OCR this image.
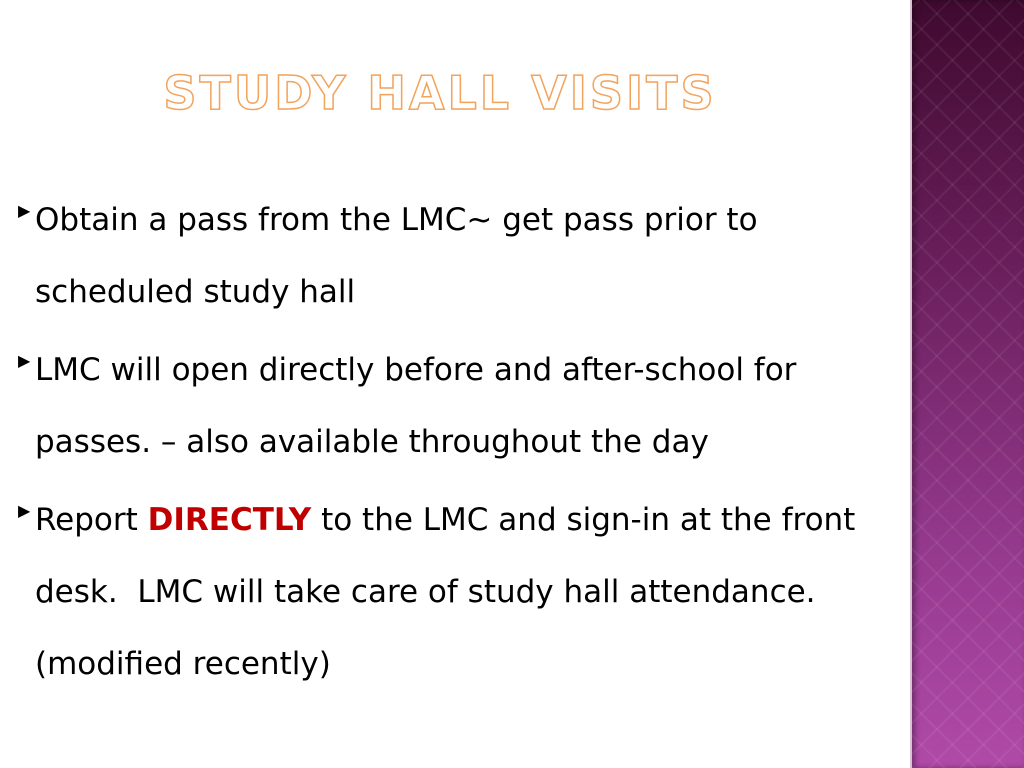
STUDY HALL VISITS
▶ Obtain a pass from the LMC~ get pass prior to scheduled study hall
▶ LMC will open directly before and after-school for passes. – also available throughout the day
▶ Report DIRECTLY to the LMC and sign-in at the front desk.  LMC will take care of study hall attendance. (modified recently)
